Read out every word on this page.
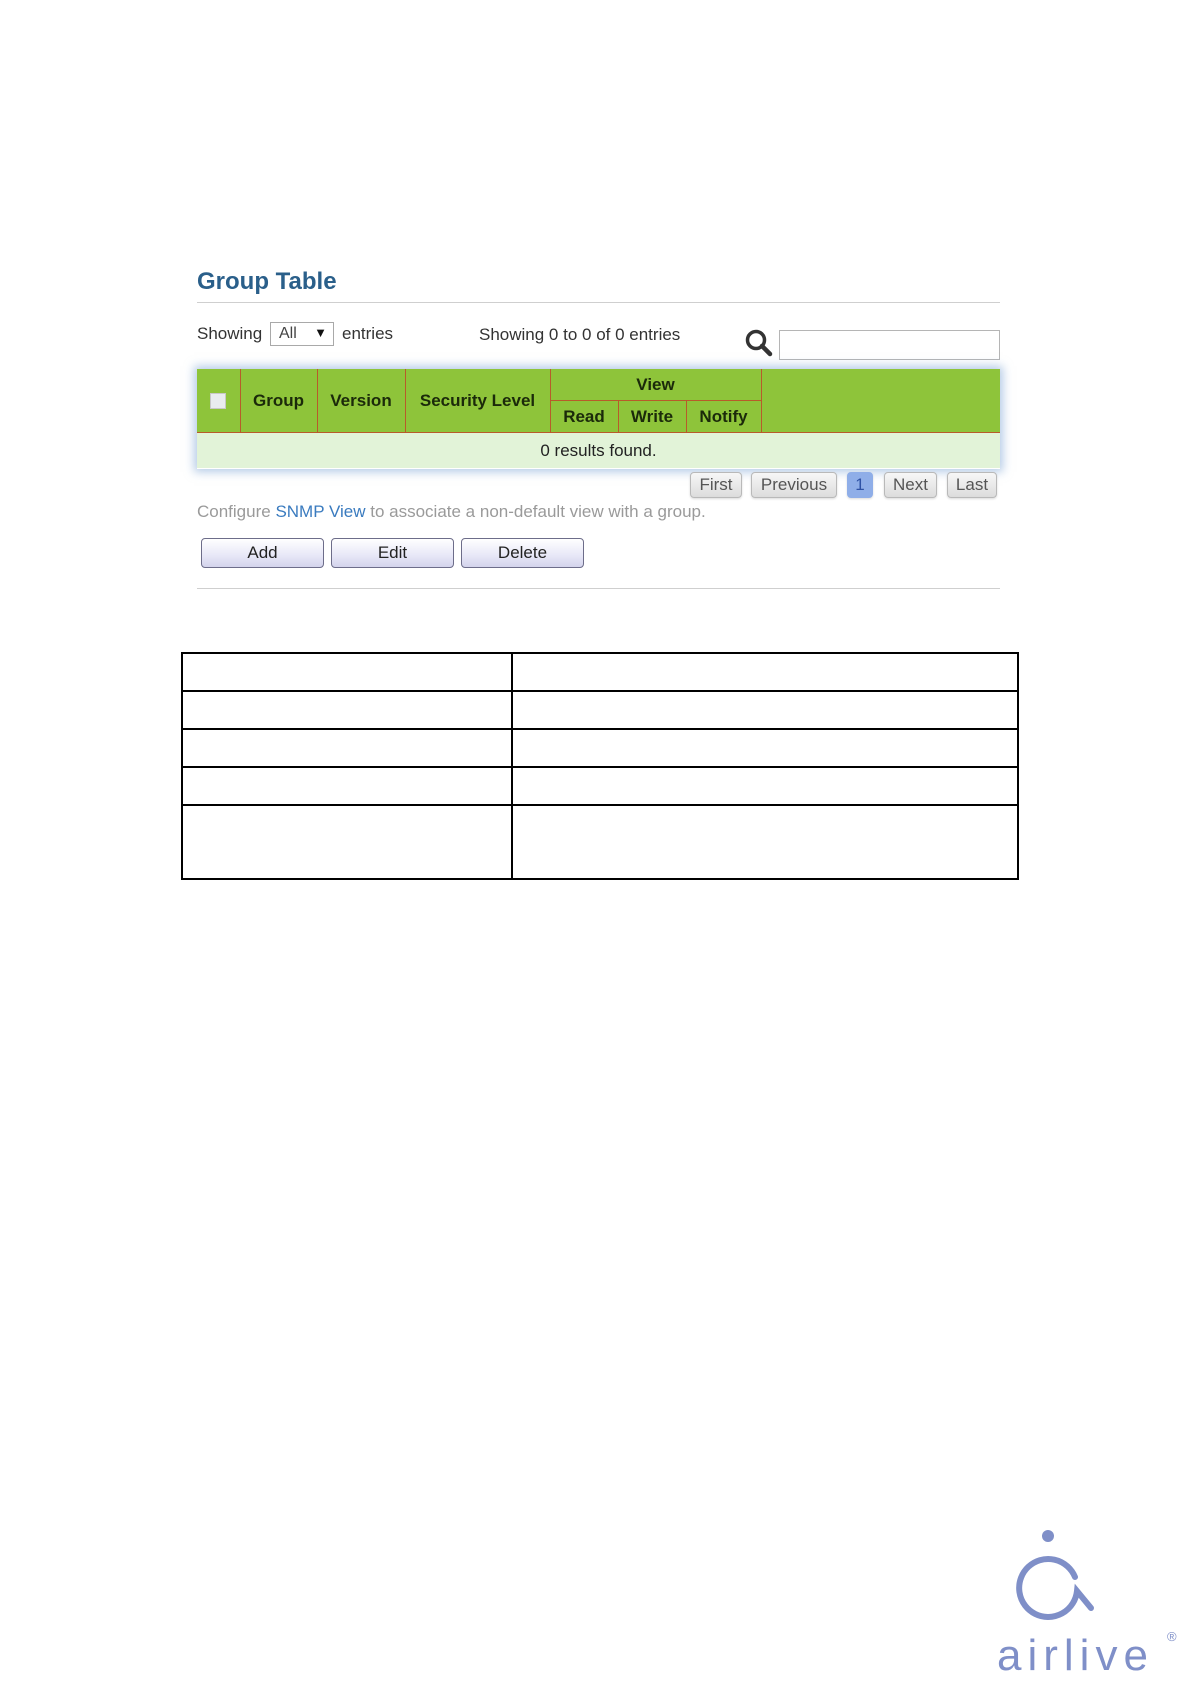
Group Table
Showing All ▼ entries	Showing 0 to 0 of 0 entries
	Group	Version	Security Level	View			
				Read	Write	Notify	
0 results found.							
First	Previous	1	Next	Last
Configure SNMP View to associate a non-default view with a group.
Add	Edit	Delete

airlive ®
